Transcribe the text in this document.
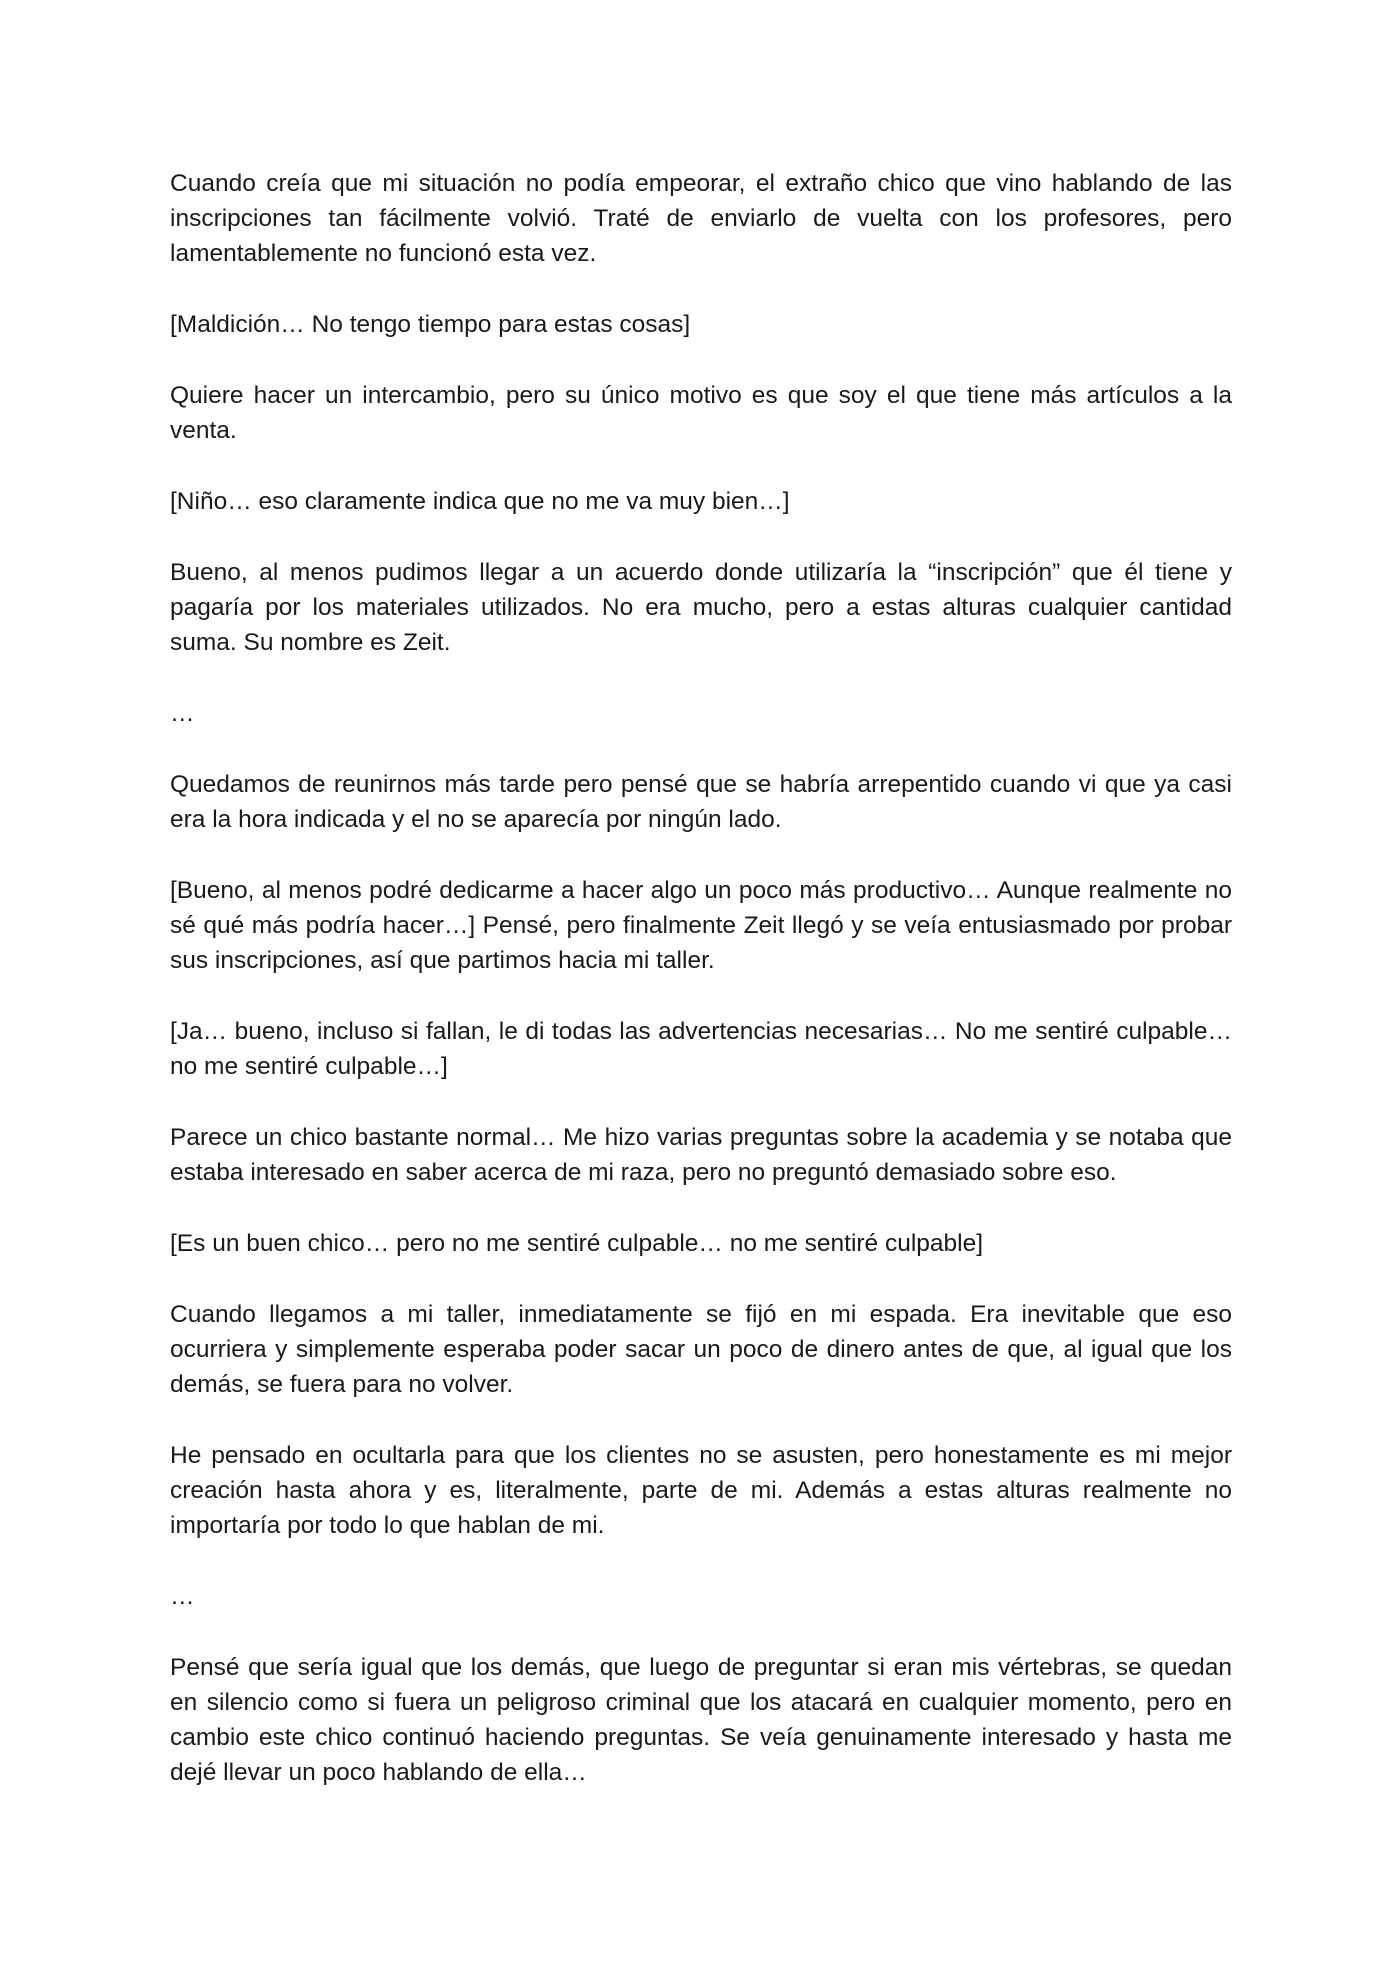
Cuando creía que mi situación no podía empeorar, el extraño chico que vino hablando de las inscripciones tan fácilmente volvió. Traté de enviarlo de vuelta con los profesores, pero lamentablemente no funcionó esta vez.

[Maldición… No tengo tiempo para estas cosas]

Quiere hacer un intercambio, pero su único motivo es que soy el que tiene más artículos a la venta.

[Niño… eso claramente indica que no me va muy bien…]

Bueno, al menos pudimos llegar a un acuerdo donde utilizaría la “inscripción” que él tiene y pagaría por los materiales utilizados. No era mucho, pero a estas alturas cualquier cantidad suma. Su nombre es Zeit.

…

Quedamos de reunirnos más tarde pero pensé que se habría arrepentido cuando vi que ya casi era la hora indicada y el no se aparecía por ningún lado.

[Bueno, al menos podré dedicarme a hacer algo un poco más productivo… Aunque realmente no sé qué más podría hacer…] Pensé, pero finalmente Zeit llegó y se veía entusiasmado por probar sus inscripciones, así que partimos hacia mi taller.

[Ja… bueno, incluso si fallan, le di todas las advertencias necesarias… No me sentiré culpable… no me sentiré culpable…]

Parece un chico bastante normal… Me hizo varias preguntas sobre la academia y se notaba que estaba interesado en saber acerca de mi raza, pero no preguntó demasiado sobre eso.

[Es un buen chico… pero no me sentiré culpable… no me sentiré culpable]

Cuando llegamos a mi taller, inmediatamente se fijó en mi espada. Era inevitable que eso ocurriera y simplemente esperaba poder sacar un poco de dinero antes de que, al igual que los demás, se fuera para no volver.

He pensado en ocultarla para que los clientes no se asusten, pero honestamente es mi mejor creación hasta ahora y es, literalmente, parte de mi. Además a estas alturas realmente no importaría por todo lo que hablan de mi.

…

Pensé que sería igual que los demás, que luego de preguntar si eran mis vértebras, se quedan en silencio como si fuera un peligroso criminal que los atacará en cualquier momento, pero en cambio este chico continuó haciendo preguntas. Se veía genuinamente interesado y hasta me dejé llevar un poco hablando de ella…
